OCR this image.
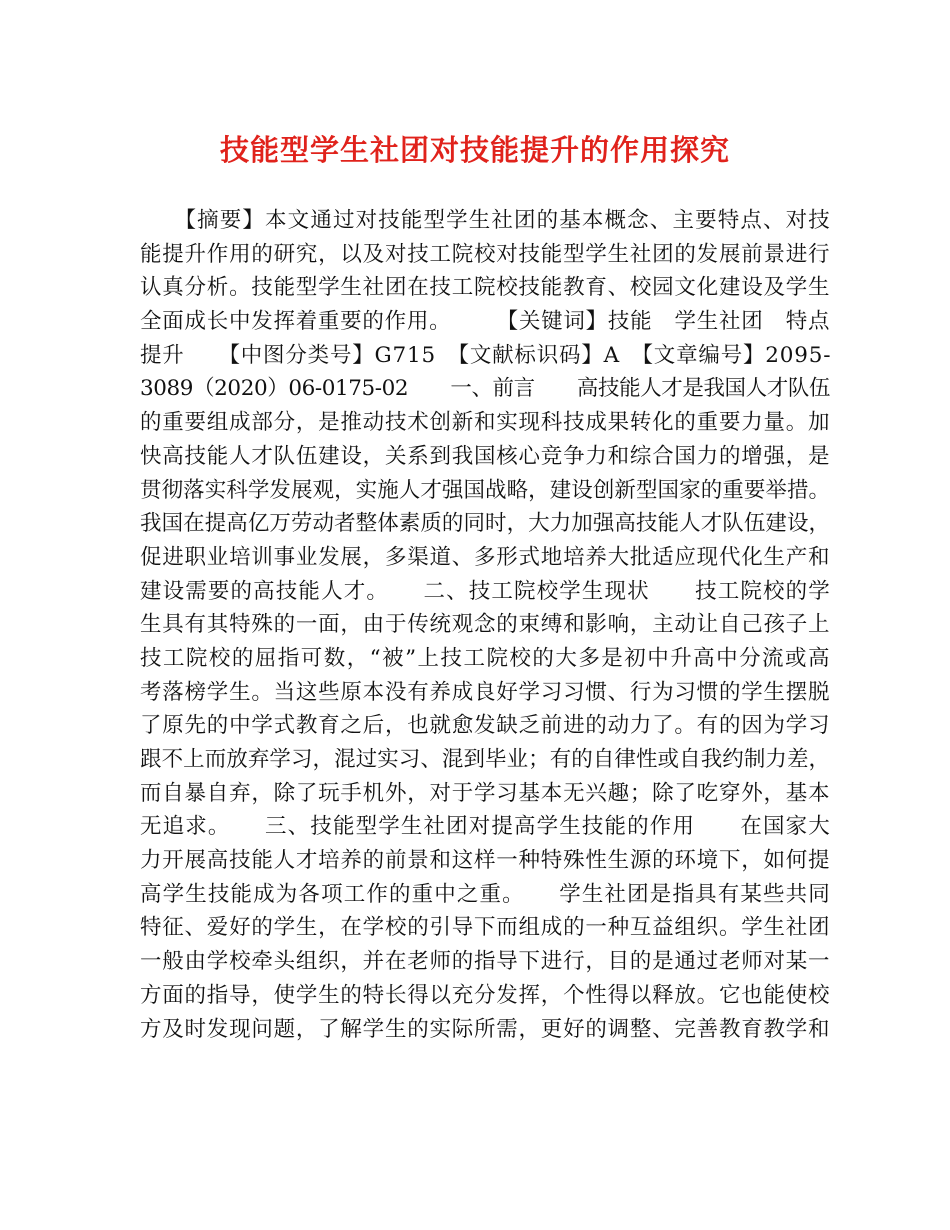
技能型学生社团对技能提升的作用探究
　　【摘要】本文通过对技能型学生社团的基本概念、主要特点、对技
能提升作用的研究，以及对技工院校对技能型学生社团的发展前景进行
认真分析。技能型学生社团在技工院校技能教育、校园文化建设及学生
全面成长中发挥着重要的作用。　　　【关键词】技能　学生社团　特点
提升　　【中图分类号】G715　【文献标识码】A　【文章编号】2095-
3089（2020）06-0175-02　　一、前言　　高技能人才是我国人才队伍
的重要组成部分，是推动技术创新和实现科技成果转化的重要力量。加
快高技能人才队伍建设，关系到我国核心竞争力和综合国力的增强，是
贯彻落实科学发展观，实施人才强国战略，建设创新型国家的重要举措。
我国在提高亿万劳动者整体素质的同时，大力加强高技能人才队伍建设，
促进职业培训事业发展，多渠道、多形式地培养大批适应现代化生产和
建设需要的高技能人才。　　二、技工院校学生现状　　技工院校的学
生具有其特殊的一面，由于传统观念的束缚和影响，主动让自己孩子上
技工院校的屈指可数，“被”上技工院校的大多是初中升高中分流或高
考落榜学生。当这些原本没有养成良好学习习惯、行为习惯的学生摆脱
了原先的中学式教育之后，也就愈发缺乏前进的动力了。有的因为学习
跟不上而放弃学习，混过实习、混到毕业；有的自律性或自我约制力差，
而自暴自弃，除了玩手机外，对于学习基本无兴趣；除了吃穿外，基本
无追求。　　三、技能型学生社团对提高学生技能的作用　　在国家大
力开展高技能人才培养的前景和这样一种特殊性生源的环境下，如何提
高学生技能成为各项工作的重中之重。　　学生社团是指具有某些共同
特征、爱好的学生，在学校的引导下而组成的一种互益组织。学生社团
一般由学校牵头组织，并在老师的指导下进行，目的是通过老师对某一
方面的指导，使学生的特长得以充分发挥，个性得以释放。它也能使校
方及时发现问题，了解学生的实际所需，更好的调整、完善教育教学和
